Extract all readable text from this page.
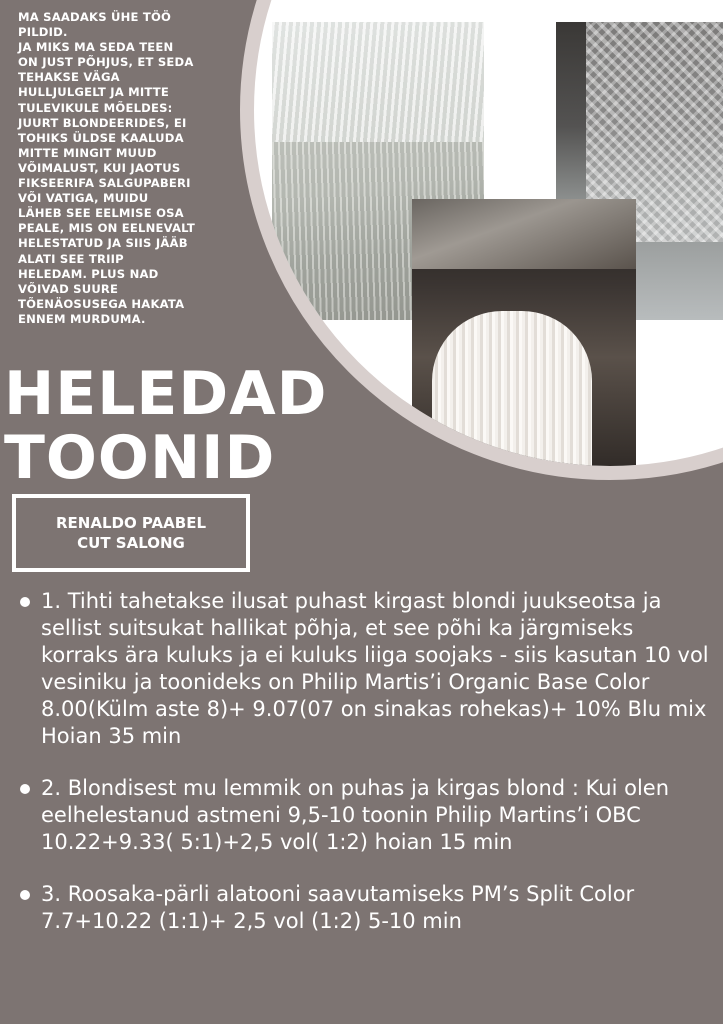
MA SAADAKS ÜHE TÖÖ
PILDID.
JA MIKS MA SEDA TEEN
ON JUST PÕHJUS, ET SEDA
TEHAKSE VÄGA
HULLJULGELT JA MITTE
TULEVIKULE MÕELDES:
JUURT BLONDEERIDES, EI
TOHIKS ÜLDSE KAALUDA
MITTE MINGIT MUUD
VÕIMALUST, KUI JAOTUS
FIKSEERIFA SALGUPABERI
VÕI VATIGA, MUIDU
LÄHEB SEE EELMISE OSA
PEALE, MIS ON EELNEVALT
HELESTATUD JA SIIS JÄÄB
ALATI SEE TRIIP
HELEDAM. PLUS NAD
VÕIVAD SUURE
TÕENÄOSUSEGA HAKATA
ENNEM MURDUMA.

HELEDAD
TOONID
RENALDO PAABEL
CUT SALONG
1. Tihti tahetakse ilusat puhast kirgast blondi juukseotsa ja sellist suitsukat hallikat põhja, et see põhi ka järgmiseks korraks ära kuluks ja ei kuluks liiga soojaks - siis kasutan 10 vol vesiniku ja toonideks on Philip Martis’i Organic Base Color 8.00(Külm aste 8)+ 9.07(07 on sinakas rohekas)+ 10% Blu mix Hoian 35 min
2. Blondisest mu lemmik on puhas ja kirgas blond : Kui olen eelhelestanud astmeni 9,5-10 toonin Philip Martins’i OBC 10.22+9.33( 5:1)+2,5 vol( 1:2) hoian 15 min
3. Roosaka-pärli alatooni saavutamiseks PM’s Split Color 7.7+10.22 (1:1)+ 2,5 vol (1:2) 5-10 min
